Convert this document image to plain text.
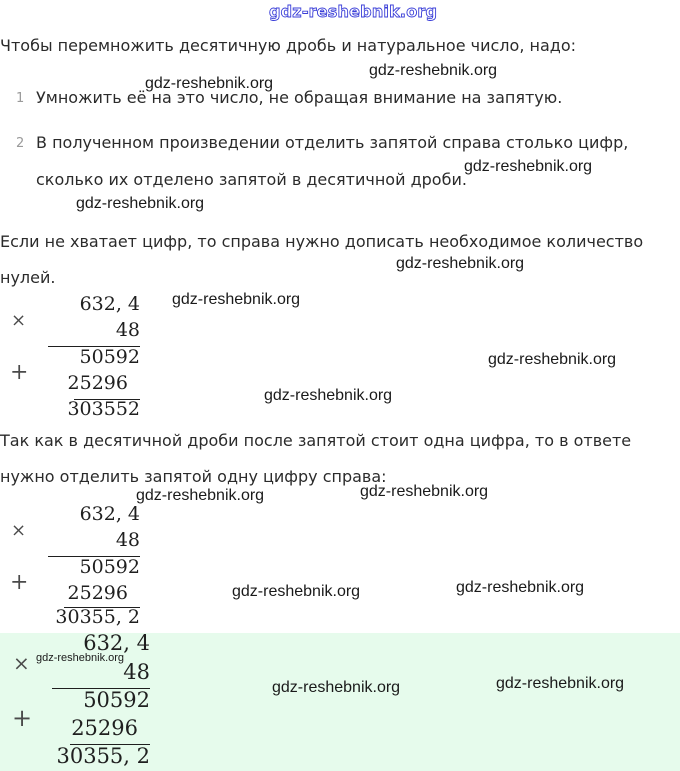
gdz-reshebnik.org
Чтобы перемножить десятичную дробь и натуральное число, надо:
1 Умножить её на это число, не обращая внимание на запятую.
2 В полученном произведении отделить запятой справа столько цифр,
сколько их отделено запятой в десятичной дроби.
Если не хватает цифр, то справа нужно дописать необходимое количество
нулей.
×
632, 4
48
+
50592
25296
303552
Так как в десятичной дроби после запятой стоит одна цифра, то в ответе
нужно отделить запятой одну цифру справа:
×
632, 4
48
+
50592
25296
30355, 2
×
632, 4
48
+
50592
25296
30355, 2
gdz-reshebnik.org
gdz-reshebnik.org
gdz-reshebnik.org
gdz-reshebnik.org
gdz-reshebnik.org
gdz-reshebnik.org
gdz-reshebnik.org
gdz-reshebnik.org
gdz-reshebnik.org	gdz-reshebnik.org
gdz-reshebnik.org	gdz-reshebnik.org
gdz-reshebnik.org
gdz-reshebnik.org	gdz-reshebnik.org
